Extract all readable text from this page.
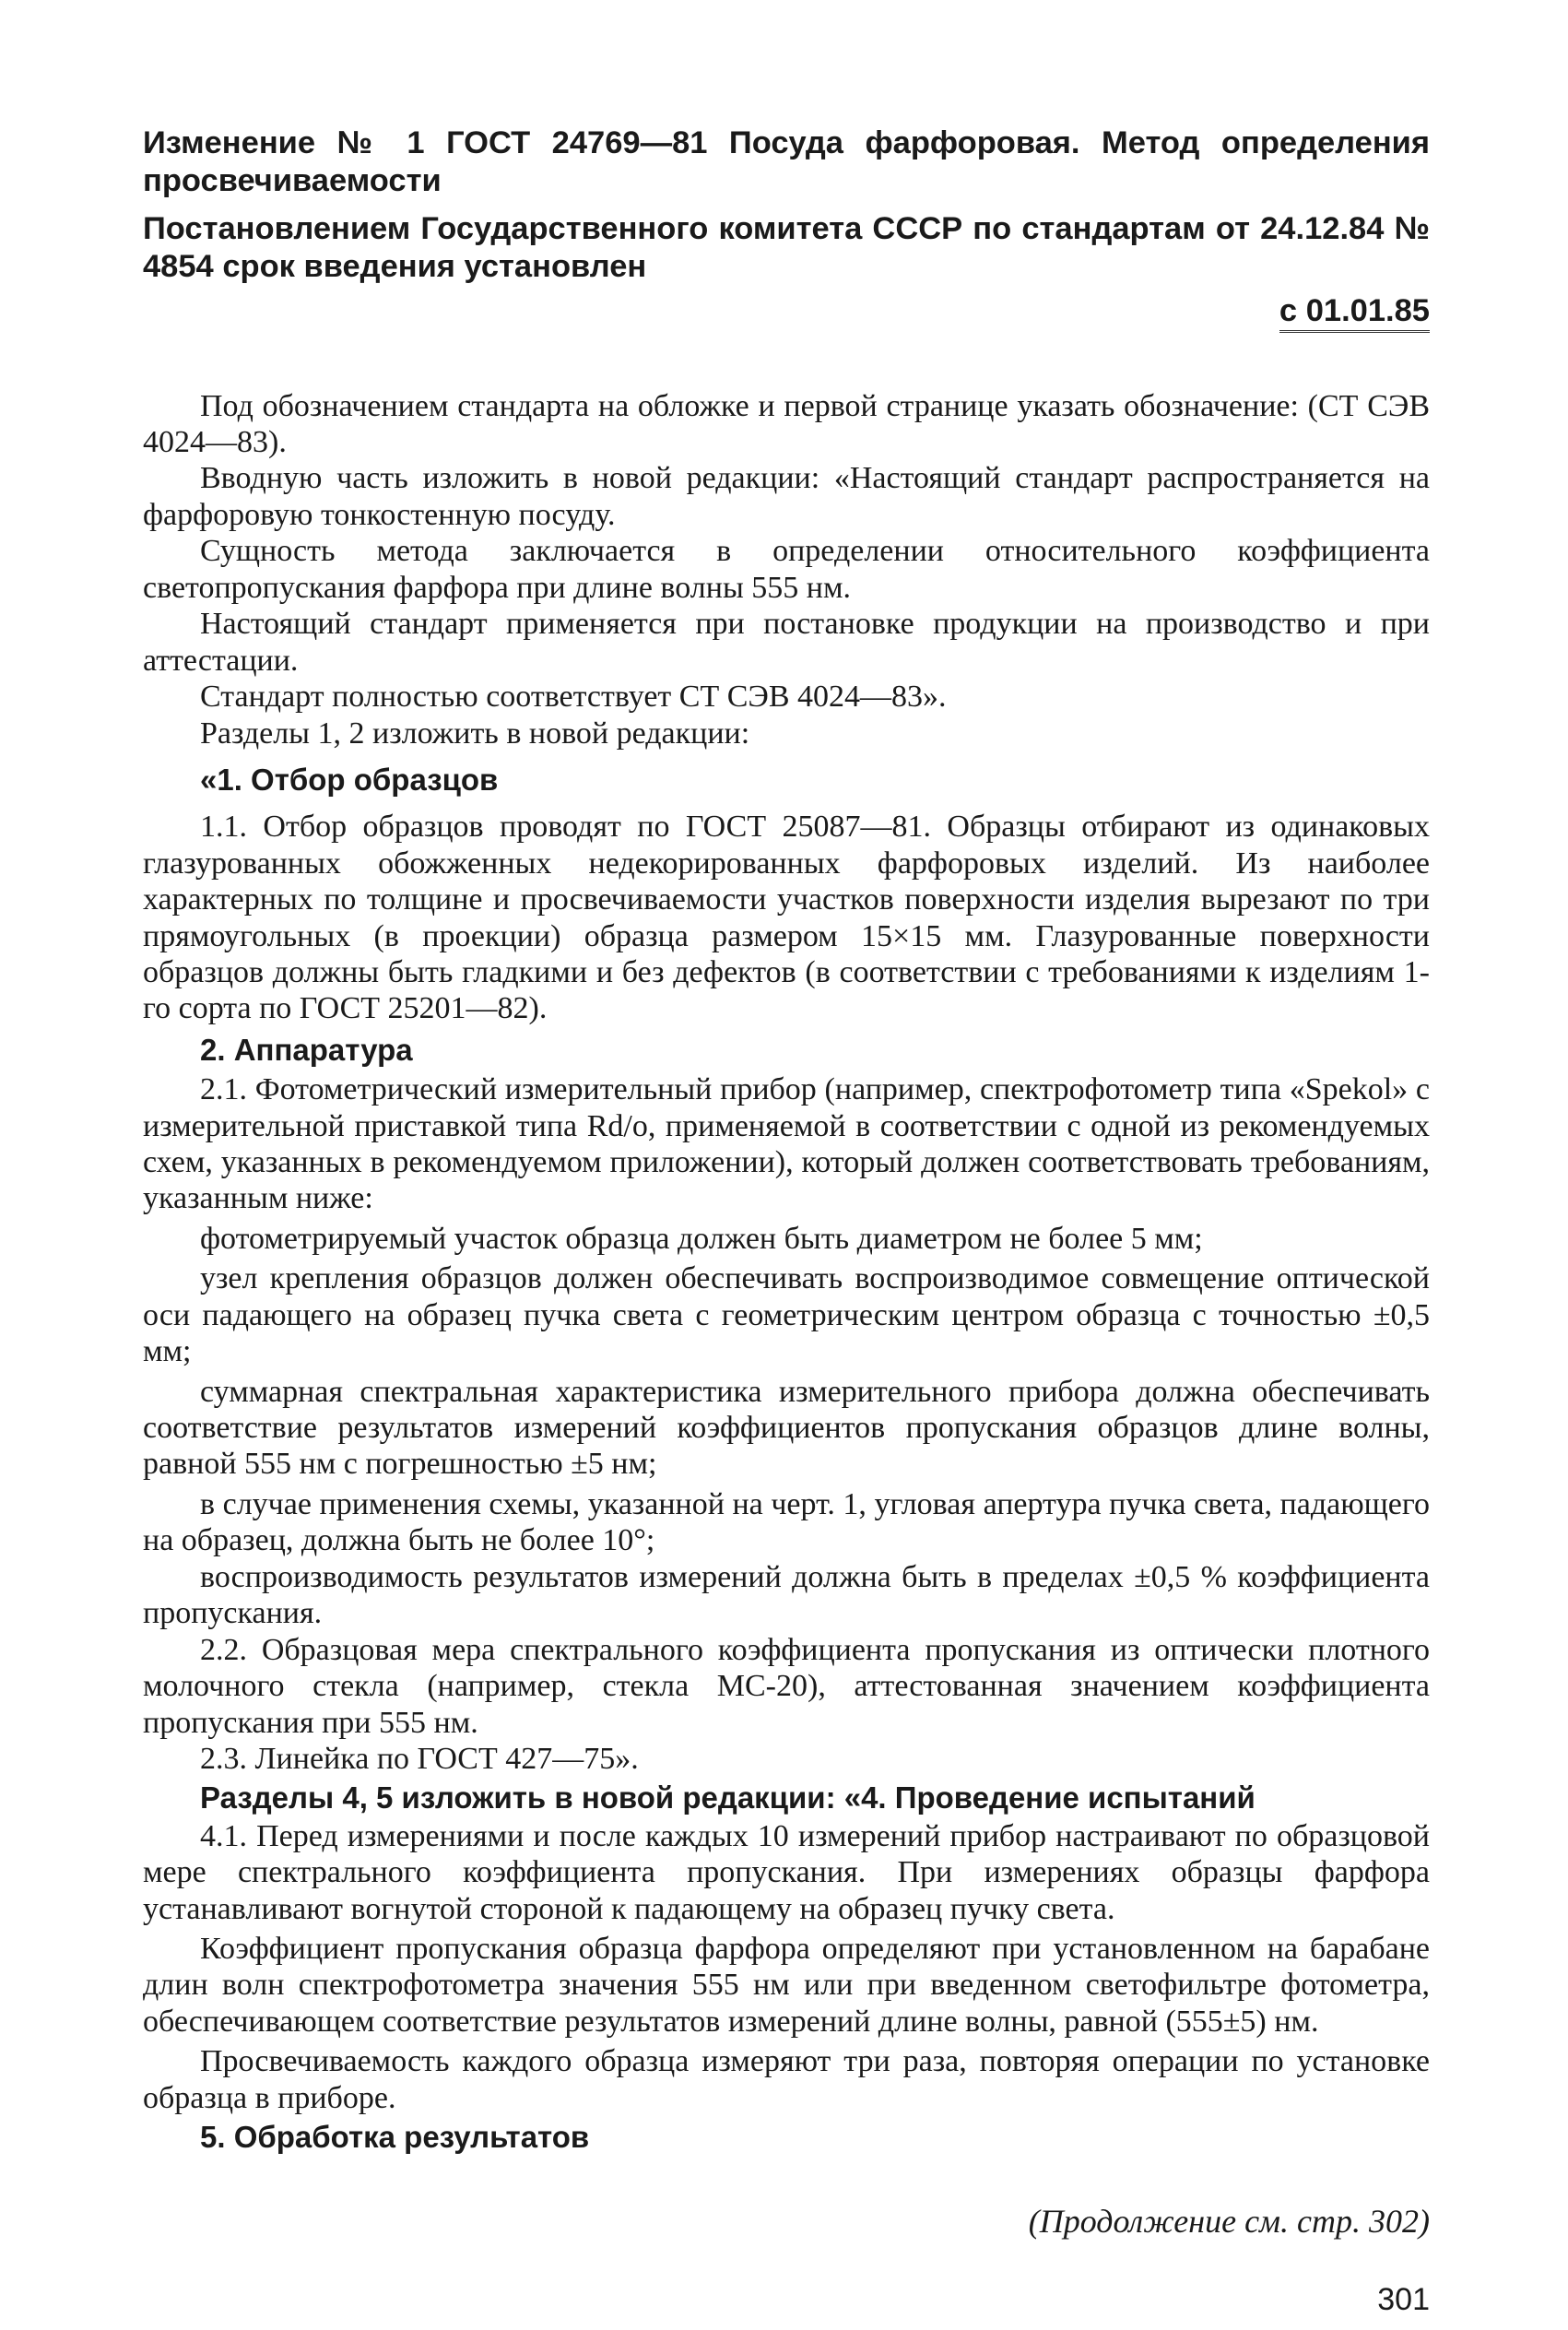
Изменение № 1 ГОСТ 24769—81 Посуда фарфоровая. Метод определения просвечиваемости

Постановлением Государственного комитета СССР по стандартам от 24.12.84 № 4854 срок введения установлен

с 01.01.85

Под обозначением стандарта на обложке и первой странице указать обозначение: (СТ СЭВ 4024—83).

Вводную часть изложить в новой редакции: «Настоящий стандарт распространяется на фарфоровую тонкостенную посуду.

Сущность метода заключается в определении относительного коэффициента светопропускания фарфора при длине волны 555 нм.

Настоящий стандарт применяется при постановке продукции на производство и при аттестации.

Стандарт полностью соответствует СТ СЭВ 4024—83».

Разделы 1, 2 изложить в новой редакции:

«1. Отбор образцов

1.1. Отбор образцов проводят по ГОСТ 25087—81. Образцы отбирают из одинаковых глазурованных обожженных недекорированных фарфоровых изделий. Из наиболее характерных по толщине и просвечиваемости участков поверхности изделия вырезают по три прямоугольных (в проекции) образца размером 15×15 мм. Глазурованные поверхности образцов должны быть гладкими и без дефектов (в соответствии с требованиями к изделиям 1-го сорта по ГОСТ 25201—82).

2. Аппаратура

2.1. Фотометрический измерительный прибор (например, спектрофотометр типа «Spekol» с измерительной приставкой типа Rd/o, применяемой в соответствии с одной из рекомендуемых схем, указанных в рекомендуемом приложении), который должен соответствовать требованиям, указанным ниже:

фотометрируемый участок образца должен быть диаметром не более 5 мм;

узел крепления образцов должен обеспечивать воспроизводимое совмещение оптической оси падающего на образец пучка света с геометрическим центром образца с точностью ±0,5 мм;

суммарная спектральная характеристика измерительного прибора должна обеспечивать соответствие результатов измерений коэффициентов пропускания образцов длине волны, равной 555 нм с погрешностью ±5 нм;

в случае применения схемы, указанной на черт. 1, угловая апертура пучка света, падающего на образец, должна быть не более 10°;

воспроизводимость результатов измерений должна быть в пределах ±0,5 % коэффициента пропускания.

2.2. Образцовая мера спектрального коэффициента пропускания из оптически плотного молочного стекла (например, стекла МС-20), аттестованная значением коэффициента пропускания при 555 нм.

2.3. Линейка по ГОСТ 427—75».

Разделы 4, 5 изложить в новой редакции: «4. Проведение испытаний

4.1. Перед измерениями и после каждых 10 измерений прибор настраивают по образцовой мере спектрального коэффициента пропускания. При измерениях образцы фарфора устанавливают вогнутой стороной к падающему на образец пучку света.

Коэффициент пропускания образца фарфора определяют при установленном на барабане длин волн спектрофотометра значения 555 нм или при введенном светофильтре фотометра, обеспечивающем соответствие результатов измерений длине волны, равной (555±5) нм.

Просвечиваемость каждого образца измеряют три раза, повторяя операции по установке образца в приборе.

5. Обработка результатов

(Продолжение см. стр. 302)
301
